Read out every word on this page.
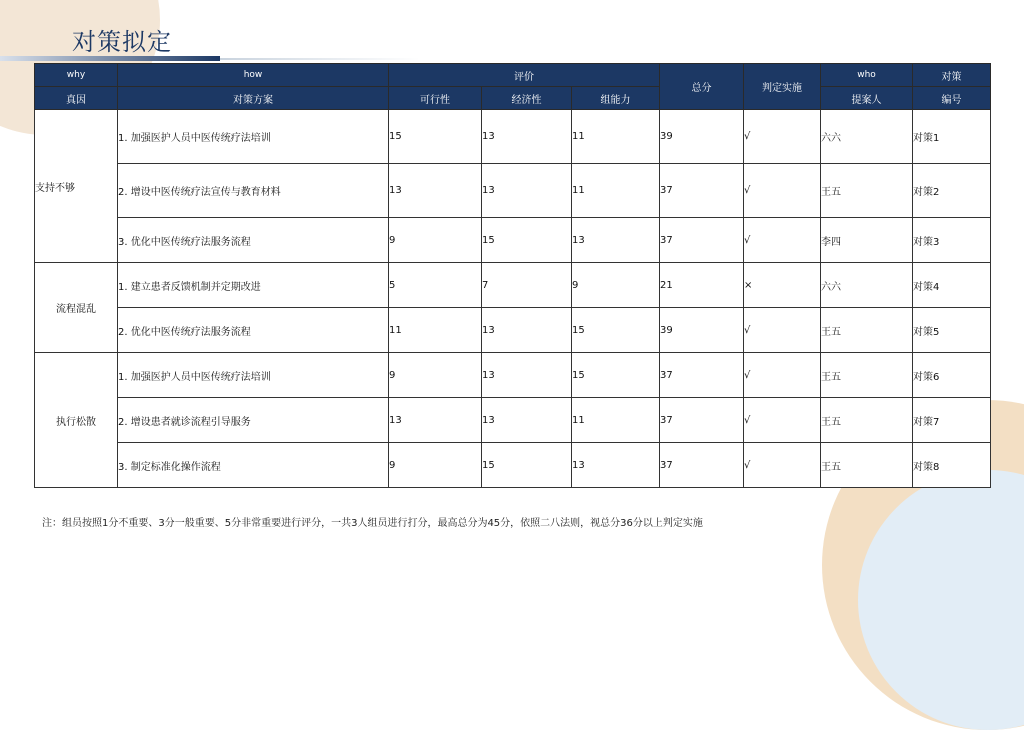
对策拟定
why	how	评价			总分	判定实施	who	对策
真因	对策方案	可行性	经济性	组能力			提案人	编号
支持不够	1. 加强医护人员中医传统疗法培训	15	13	11	39	√	六六	对策1
	2. 增设中医传统疗法宣传与教育材料	13	13	11	37	√	王五	对策2
	3. 优化中医传统疗法服务流程	9	15	13	37	√	李四	对策3
流程混乱	1. 建立患者反馈机制并定期改进	5	7	9	21	×	六六	对策4
	2. 优化中医传统疗法服务流程	11	13	15	39	√	王五	对策5
执行松散	1. 加强医护人员中医传统疗法培训	9	13	15	37	√	王五	对策6
	2. 增设患者就诊流程引导服务	13	13	11	37	√	王五	对策7
	3. 制定标准化操作流程	9	15	13	37	√	王五	对策8
注：组员按照1分不重要、3分一般重要、5分非常重要进行评分，一共3人组员进行打分，最高总分为45分，依照二八法则，视总分36分以上判定实施
